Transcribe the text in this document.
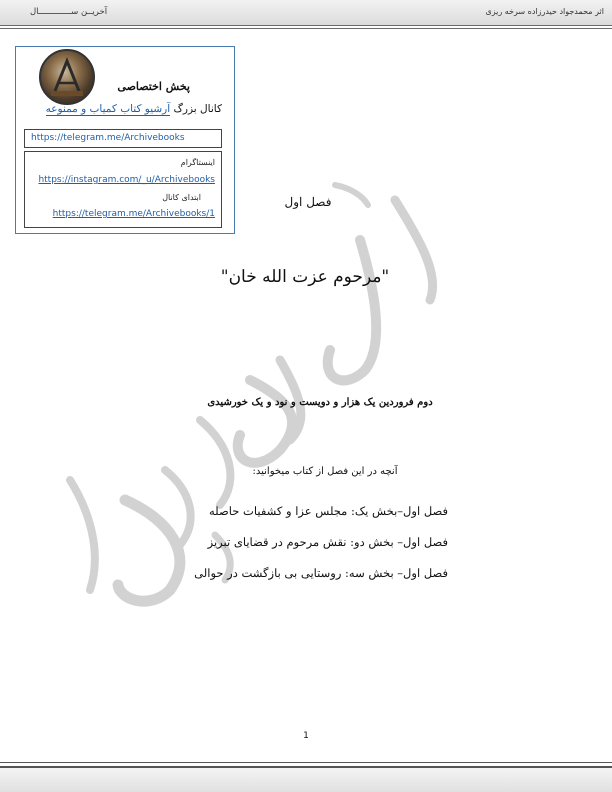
آخریــن ســـــــــــــال	اثر محمدجواد حیدرزاده سرخه ریزی
پخش اختصاصی
کانال بزرگ آرشیو کتاب کمیاب و ممنوعه
https://telegram.me/Archivebooks
اینستاگرام
https://instagram.com/_u/Archivebooks
ابتدای کانال
https://telegram.me/Archivebooks/1
فصل اول
"مرحوم عزت الله خان"
دوم فروردین یک هزار و دویست و نود و یک خورشیدی
آنچه در این فصل از کتاب میخوانید:
فصل اول–بخش یک: مجلس عزا و کشفیات حاصله
فصل اول– بخش دو: نقش مرحوم در قضایای تبریز
فصل اول– بخش سه: روستایی بی بازگشت در حوالی
1
